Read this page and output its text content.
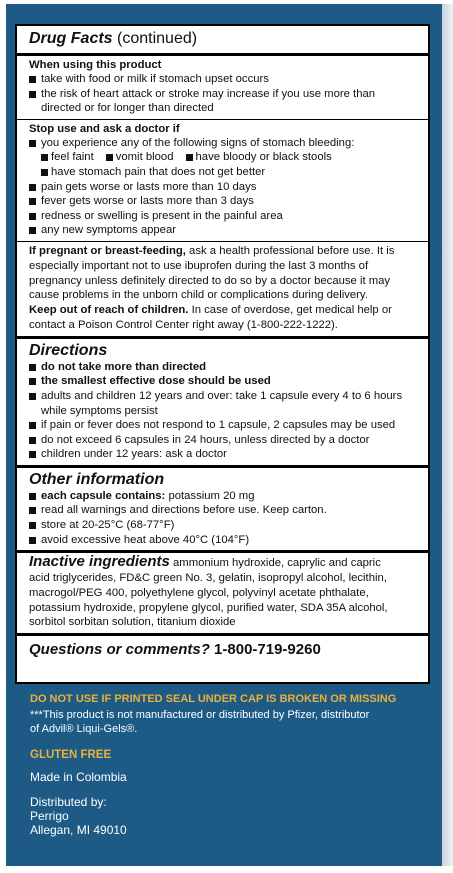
Drug Facts (continued)
When using this product
take with food or milk if stomach upset occurs
the risk of heart attack or stroke may increase if you use more than
directed or for longer than directed
Stop use and ask a doctor if
you experience any of the following signs of stomach bleeding:
feel faint	vomit blood	have bloody or black stools
have stomach pain that does not get better
pain gets worse or lasts more than 10 days
fever gets worse or lasts more than 3 days
redness or swelling is present in the painful area
any new symptoms appear
If pregnant or breast-feeding, ask a health professional before use. It is
especially important not to use ibuprofen during the last 3 months of
pregnancy unless definitely directed to do so by a doctor because it may
cause problems in the unborn child or complications during delivery.
Keep out of reach of children. In case of overdose, get medical help or
contact a Poison Control Center right away (1-800-222-1222).
Directions
do not take more than directed
the smallest effective dose should be used
adults and children 12 years and over: take 1 capsule every 4 to 6 hours
while symptoms persist
if pain or fever does not respond to 1 capsule, 2 capsules may be used
do not exceed 6 capsules in 24 hours, unless directed by a doctor
children under 12 years: ask a doctor
Other information
each capsule contains: potassium 20 mg
read all warnings and directions before use. Keep carton.
store at 20-25°C (68-77°F)
avoid excessive heat above 40°C (104°F)
Inactive ingredients ammonium hydroxide, caprylic and capric
acid triglycerides, FD&C green No. 3, gelatin, isopropyl alcohol, lecithin,
macrogol/PEG 400, polyethylene glycol, polyvinyl acetate phthalate,
potassium hydroxide, propylene glycol, purified water, SDA 35A alcohol,
sorbitol sorbitan solution, titanium dioxide
Questions or comments? 1-800-719-9260
DO NOT USE IF PRINTED SEAL UNDER CAP IS BROKEN OR MISSING
***This product is not manufactured or distributed by Pfizer, distributor
of Advil® Liqui-Gels®.
GLUTEN FREE
Made in Colombia
Distributed by:
Perrigo
Allegan, MI 49010
